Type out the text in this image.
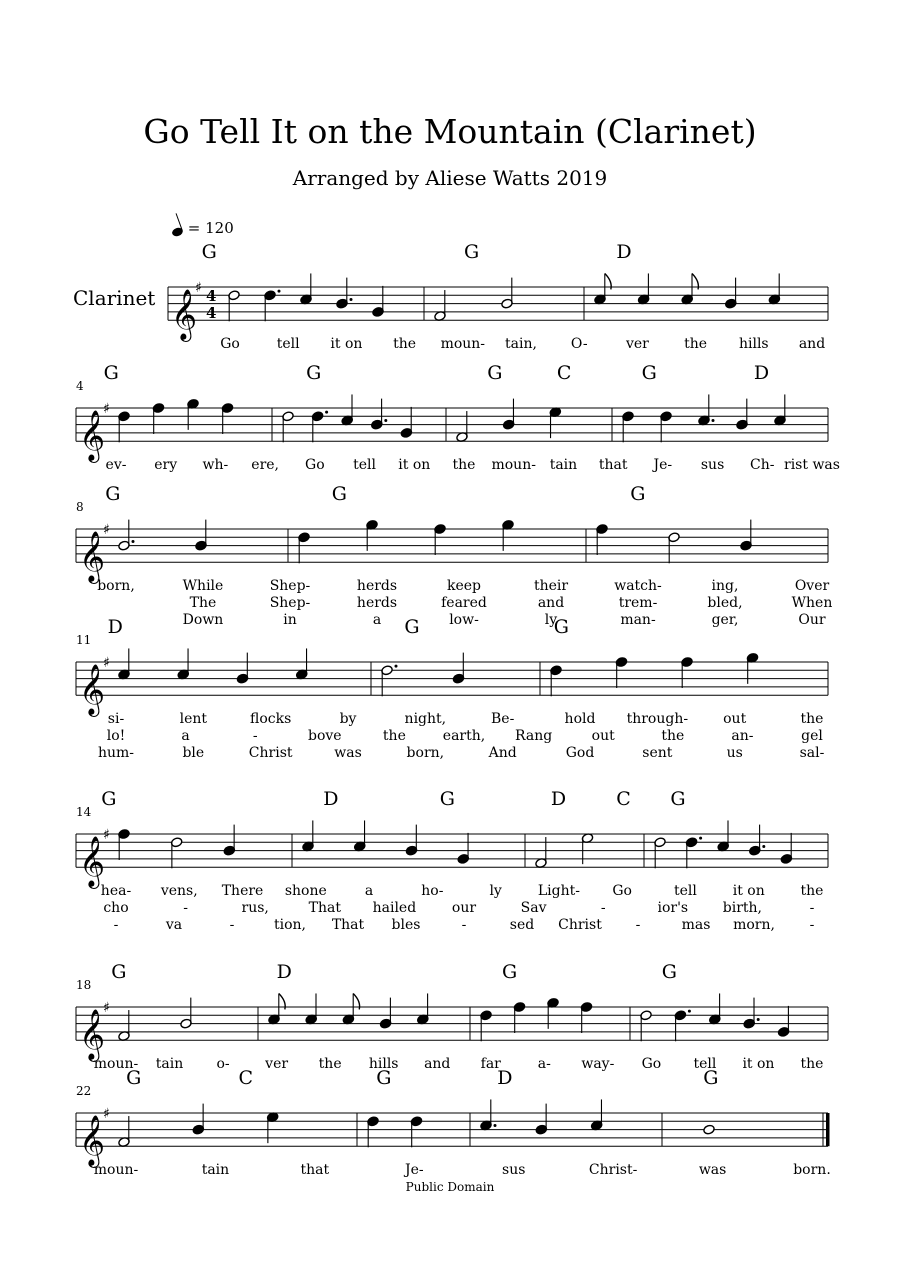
Go Tell It on the Mountain (Clarinet)
Arranged by Aliese Watts 2019
= 120
Clarinet 𝄞
♯ 4
4
G	G	D
Go	tell it on the moun- tain, O-	ver	the hills and
𝄞
♯
4
G	G	G	C	G	D
ev- ery wh- ere, Go tell it on the moun- tain that Je- sus Ch- rist was
𝄞
♯
8
G	G	G
born,	While	Shep-	herds	keep	their	watch-	ing,	Over
The	Shep-	herds	feared	and	trem-	bled,	When
Down	in	a	low-	ly	man-	ger,	Our
𝄞
♯
11
D	G	G
si-	lent	flocks	by	night,	Be-	hold through-	out	the
lo!	a	-	bove	the	earth, Rang	out	the	an-	gel
hum-	ble	Christ	was	born,	And	God	sent	us	sal-
𝄞
♯
14
G	D	G	D	C G
hea- vens, There shone	a	ho-	ly	Light- Go	tell	it on	the
cho	-	rus,	That hailed	our	Sav	-	ior's birth,	-
-	va	-	tion, That bles	-	sed Christ -	mas morn, -
𝄞
♯
18
G	D	G	G
moun- tain o-	ver the hills and far	a- way- Go tell it on the
𝄞
♯
22
G	C	G	D	G
moun-	tain	that	Je-	sus	Christ-	was	born.
Public Domain
